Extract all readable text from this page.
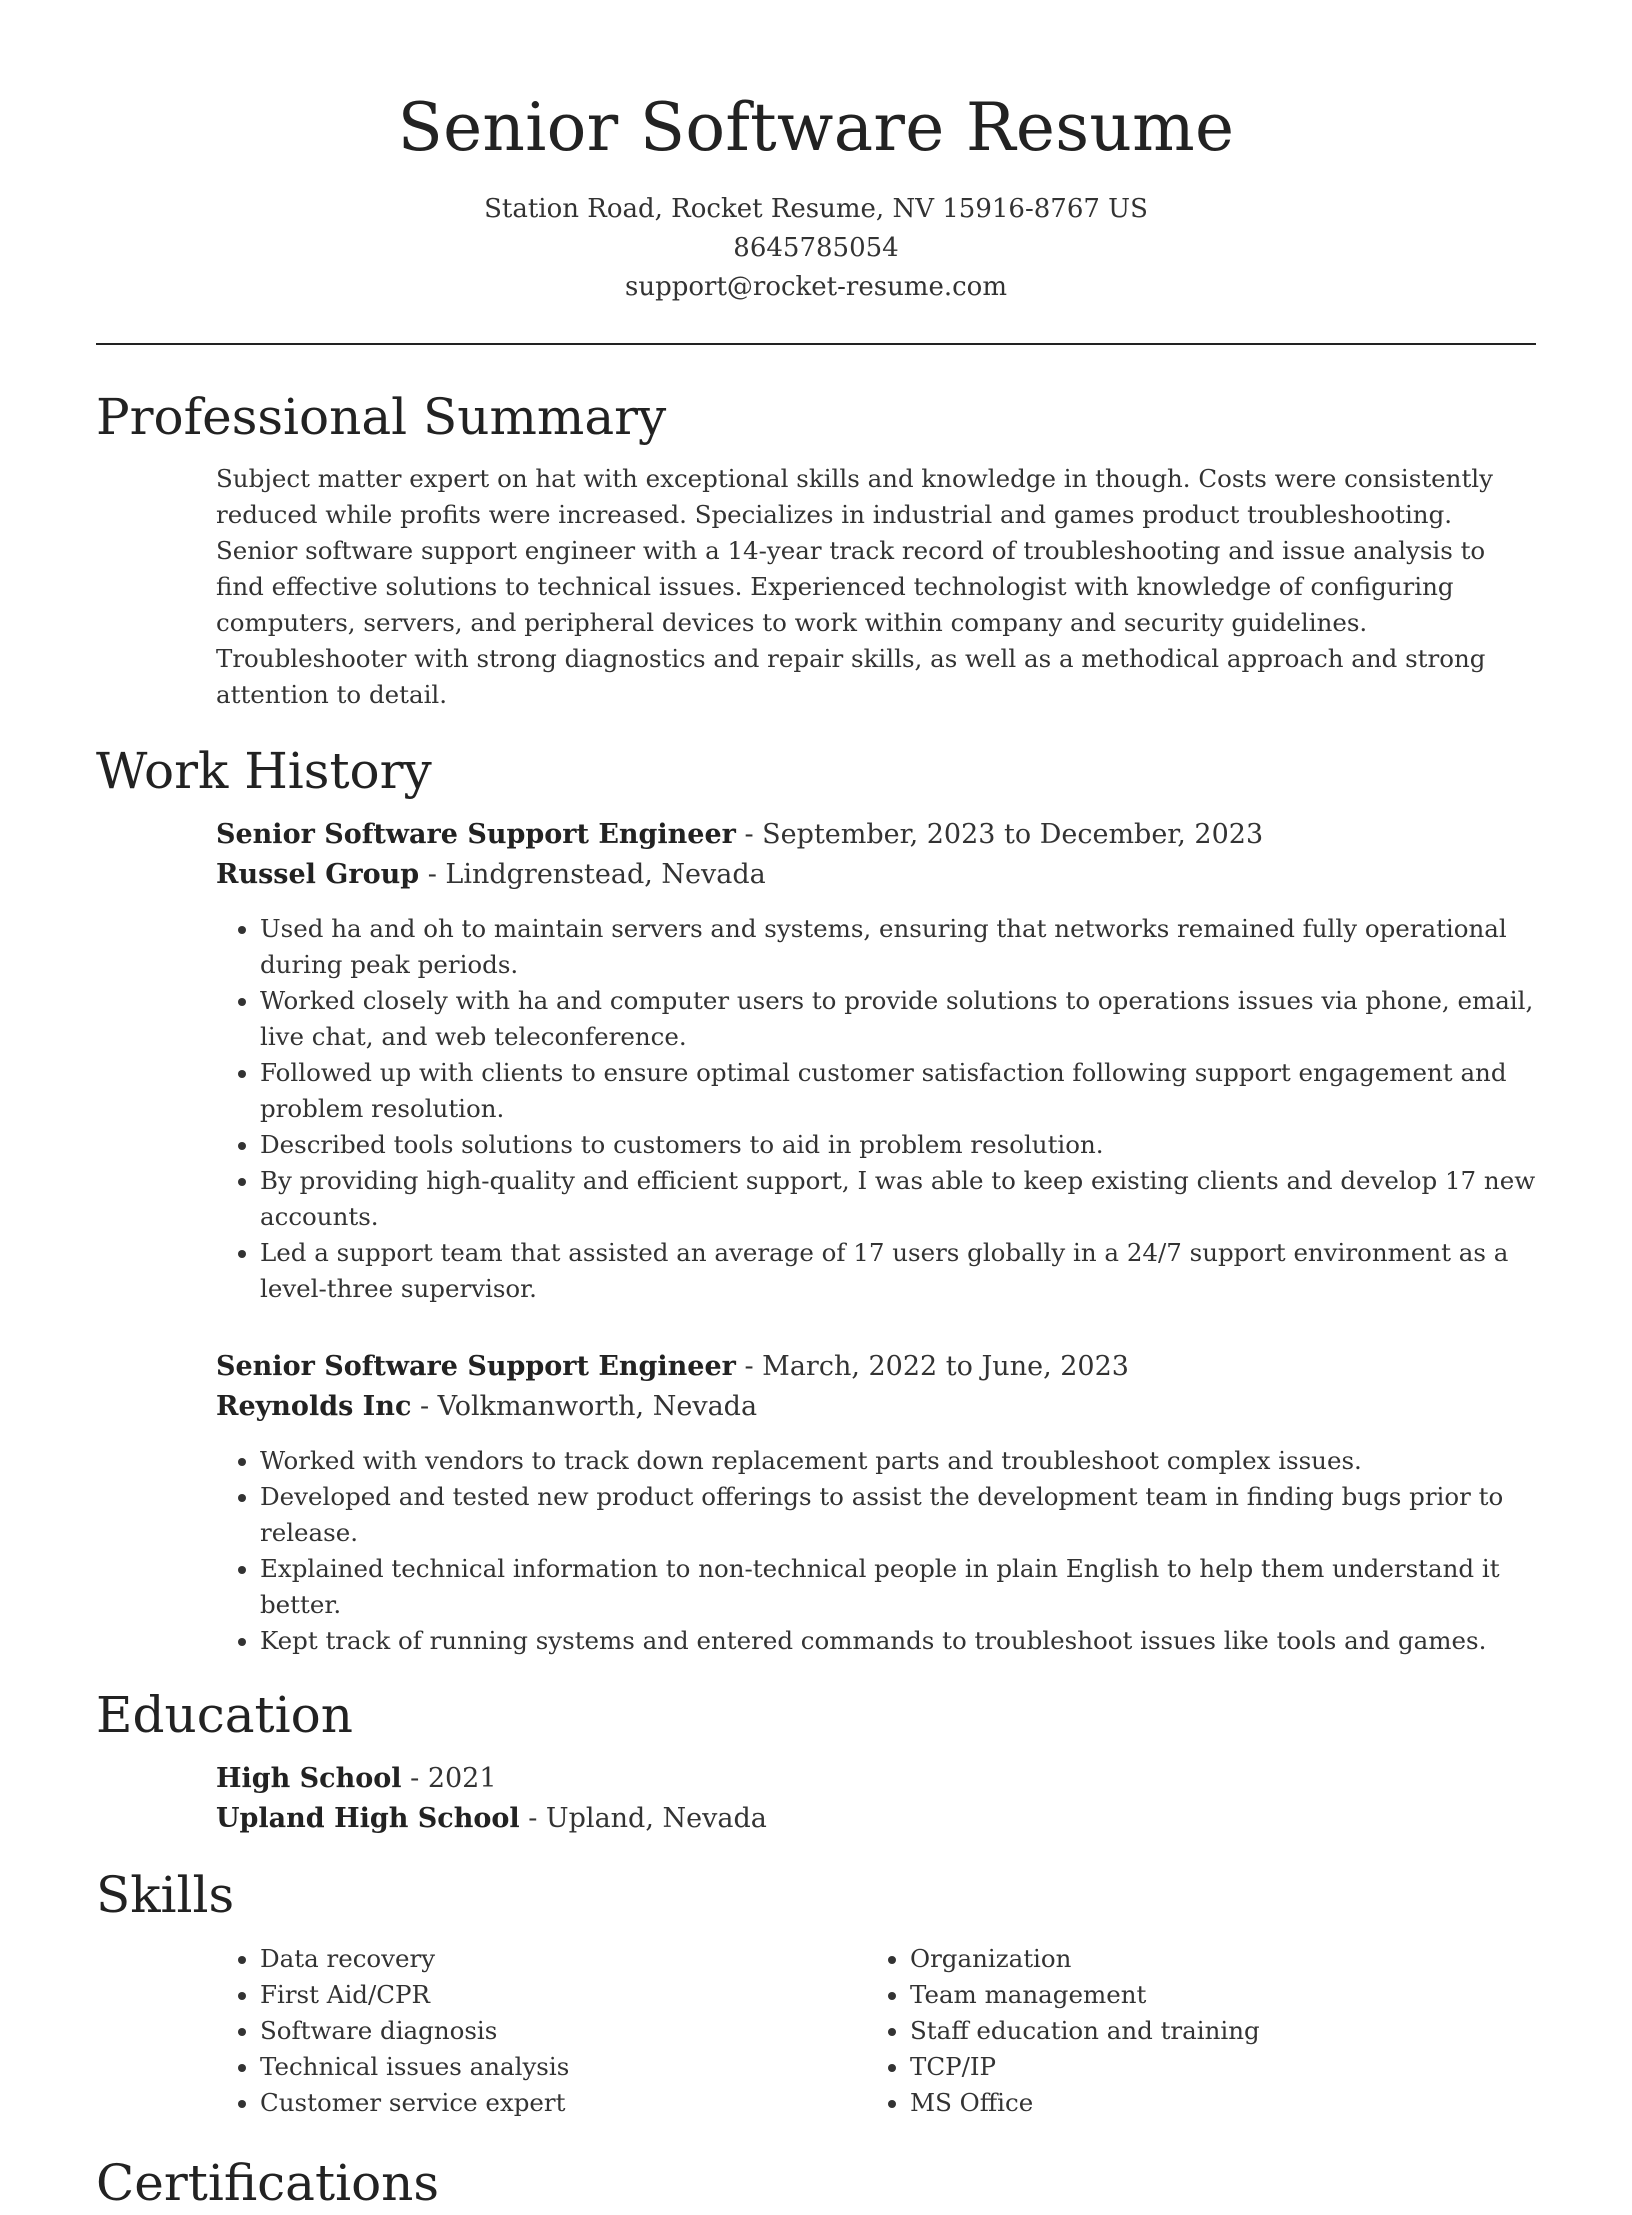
Senior Software Resume
Station Road, Rocket Resume, NV 15916-8767 US
8645785054
support@rocket-resume.com
Professional Summary

Subject matter expert on hat with exceptional skills and knowledge in though. Costs were consistently reduced while profits were increased. Specializes in industrial and games product troubleshooting. Senior software support engineer with a 14-year track record of troubleshooting and issue analysis to find effective solutions to technical issues. Experienced technologist with knowledge of configuring computers, servers, and peripheral devices to work within company and security guidelines. Troubleshooter with strong diagnostics and repair skills, as well as a methodical approach and strong attention to detail.

Work History
Senior Software Support Engineer - September, 2023 to December, 2023
Russel Group - Lindgrenstead, Nevada
• Used ha and oh to maintain servers and systems, ensuring that networks remained fully operational during peak periods.
• Worked closely with ha and computer users to provide solutions to operations issues via phone, email, live chat, and web teleconference.
• Followed up with clients to ensure optimal customer satisfaction following support engagement and problem resolution.
• Described tools solutions to customers to aid in problem resolution.
• By providing high-quality and efficient support, I was able to keep existing clients and develop 17 new accounts.
• Led a support team that assisted an average of 17 users globally in a 24/7 support environment as a level-three supervisor.
Senior Software Support Engineer - March, 2022 to June, 2023
Reynolds Inc - Volkmanworth, Nevada
• Worked with vendors to track down replacement parts and troubleshoot complex issues.
• Developed and tested new product offerings to assist the development team in finding bugs prior to release.
• Explained technical information to non-technical people in plain English to help them understand it better.
• Kept track of running systems and entered commands to troubleshoot issues like tools and games.
Education
High School - 2021
Upland High School - Upland, Nevada
Skills
• Data recovery
• First Aid/CPR
• Software diagnosis
• Technical issues analysis
• Customer service expert
• Organization
• Team management
• Staff education and training
• TCP/IP
• MS Office
Certifications
